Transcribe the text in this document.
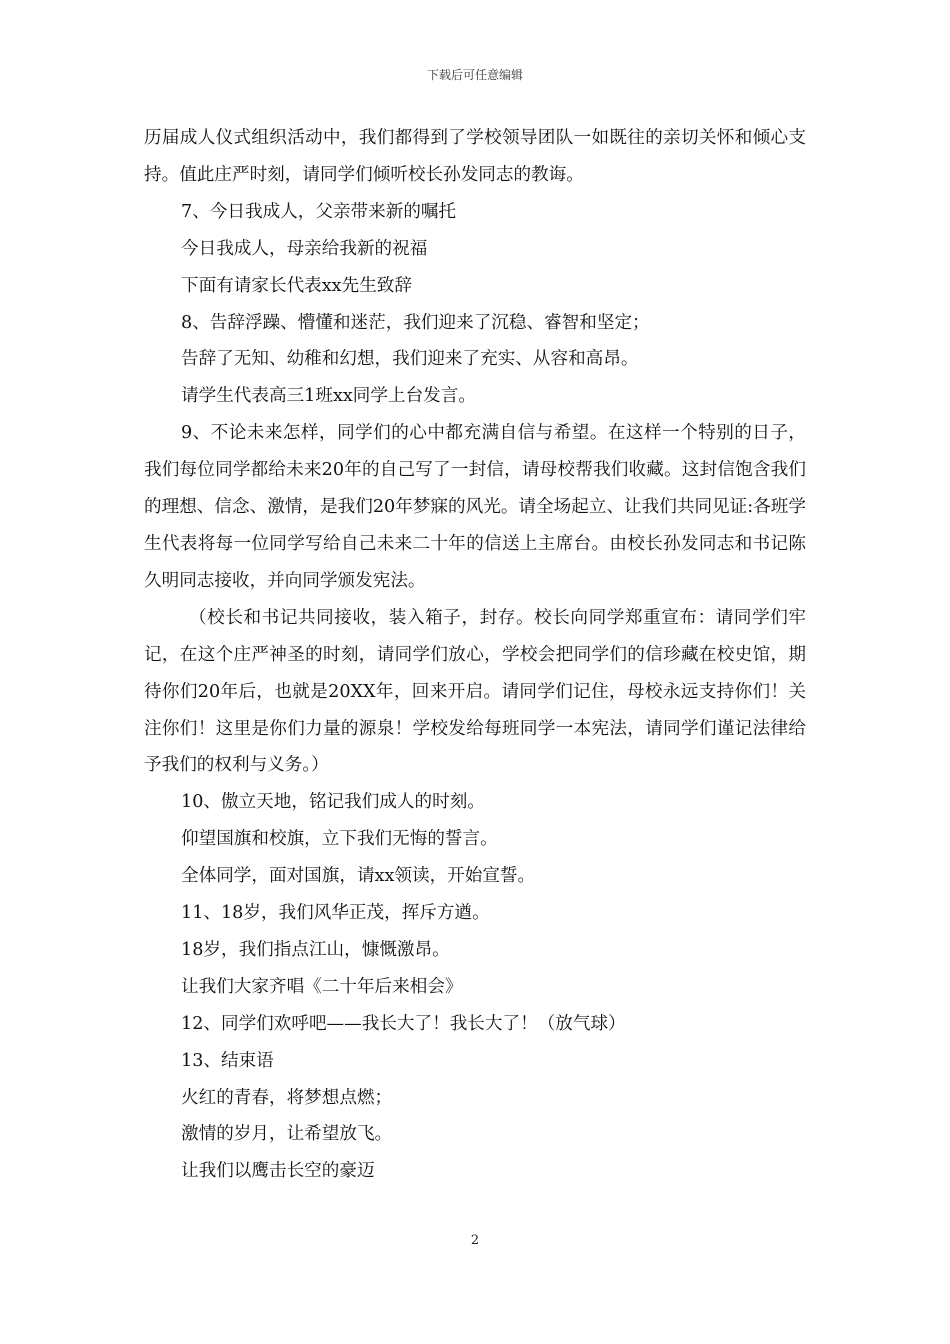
下载后可任意编辑

历届成人仪式组织活动中，我们都得到了学校领导团队一如既往的亲切关怀和倾心支持。值此庄严时刻，请同学们倾听校长孙发同志的教诲。

7、今日我成人，父亲带来新的嘱托

今日我成人，母亲给我新的祝福

下面有请家长代表xx先生致辞

8、告辞浮躁、懵懂和迷茫，我们迎来了沉稳、睿智和坚定；

告辞了无知、幼稚和幻想，我们迎来了充实、从容和高昂。

请学生代表高三1班xx同学上台发言。

9、不论未来怎样，同学们的心中都充满自信与希望。在这样一个特别的日子，我们每位同学都给未来20年的自己写了一封信，请母校帮我们收藏。这封信饱含我们的理想、信念、激情，是我们20年梦寐的风光。请全场起立、让我们共同见证:各班学生代表将每一位同学写给自己未来二十年的信送上主席台。由校长孙发同志和书记陈久明同志接收，并向同学颁发宪法。

（校长和书记共同接收，装入箱子，封存。校长向同学郑重宣布：请同学们牢记，在这个庄严神圣的时刻，请同学们放心，学校会把同学们的信珍藏在校史馆，期待你们20年后，也就是20XX年，回来开启。请同学们记住，母校永远支持你们！关注你们！这里是你们力量的源泉！学校发给每班同学一本宪法，请同学们谨记法律给予我们的权利与义务。）

10、傲立天地，铭记我们成人的时刻。

仰望国旗和校旗，立下我们无悔的誓言。

全体同学，面对国旗，请xx领读，开始宣誓。

11、18岁，我们风华正茂，挥斥方遒。

18岁，我们指点江山，慷慨激昂。

让我们大家齐唱《二十年后来相会》

12、同学们欢呼吧——我长大了！我长大了！（放气球）

13、结束语

火红的青春，将梦想点燃；

激情的岁月，让希望放飞。

让我们以鹰击长空的豪迈

2
